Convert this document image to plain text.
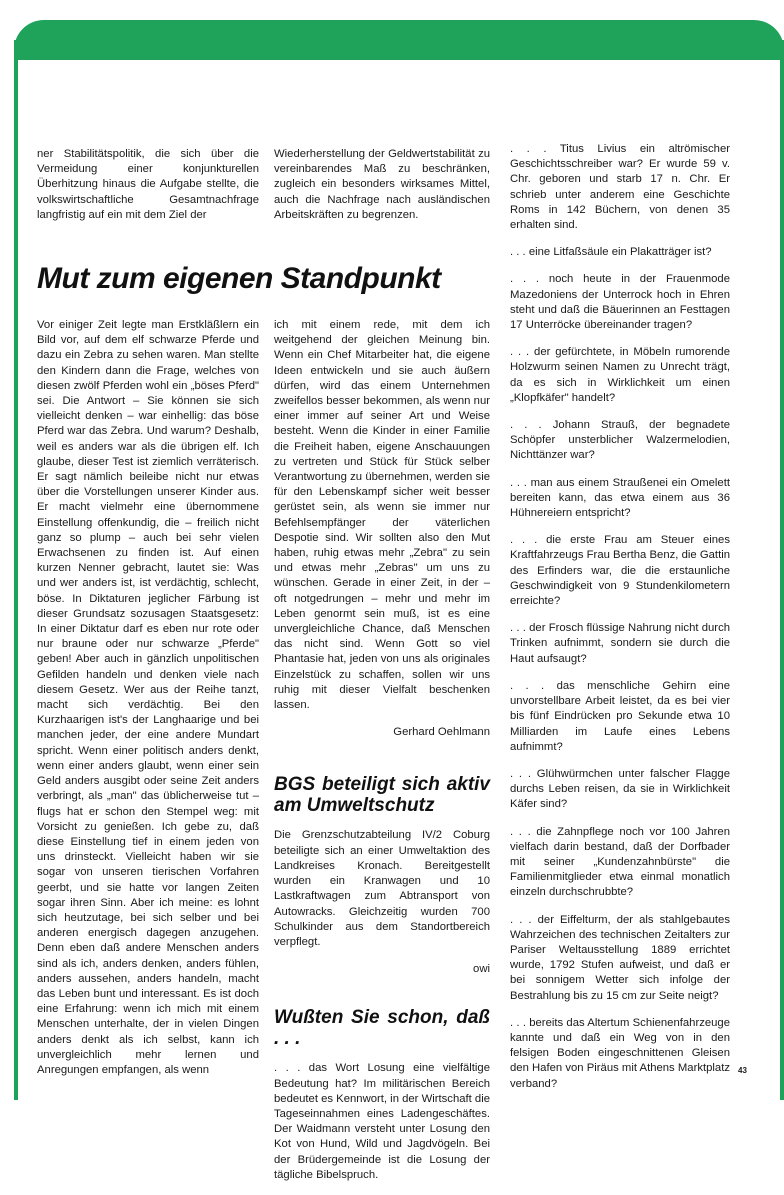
ner Stabilitätspolitik, die sich über die Vermeidung einer konjunkturellen Überhitzung hinaus die Aufgabe stellte, die volkswirtschaftliche Gesamtnachfrage langfristig auf ein mit dem Ziel der

Wiederherstellung der Geldwertstabilität zu vereinbarendes Maß zu beschränken, zugleich ein besonders wirksames Mittel, auch die Nachfrage nach ausländischen Arbeitskräften zu begrenzen.

Mut zum eigenen Standpunkt

Vor einiger Zeit legte man Erstkläßlern ein Bild vor, auf dem elf schwarze Pferde und dazu ein Zebra zu sehen waren. Man stellte den Kindern dann die Frage, welches von diesen zwölf Pferden wohl ein „böses Pferd" sei. Die Antwort – Sie können sie sich vielleicht denken – war einhellig: das böse Pferd war das Zebra. Und warum? Deshalb, weil es anders war als die übrigen elf. Ich glaube, dieser Test ist ziemlich verräterisch. Er sagt nämlich beileibe nicht nur etwas über die Vorstellungen unserer Kinder aus. Er macht vielmehr eine übernommene Einstellung offenkundig, die – freilich nicht ganz so plump – auch bei sehr vielen Erwachsenen zu finden ist. Auf einen kurzen Nenner gebracht, lautet sie: Was und wer anders ist, ist verdächtig, schlecht, böse. In Diktaturen jeglicher Färbung ist dieser Grundsatz sozusagen Staatsgesetz: In einer Diktatur darf es eben nur rote oder nur braune oder nur schwarze „Pferde" geben! Aber auch in gänzlich unpolitischen Gefilden handeln und denken viele nach diesem Gesetz. Wer aus der Reihe tanzt, macht sich verdächtig. Bei den Kurzhaarigen ist's der Langhaarige und bei manchen jeder, der eine andere Mundart spricht. Wenn einer politisch anders denkt, wenn einer anders glaubt, wenn einer sein Geld anders ausgibt oder seine Zeit anders verbringt, als „man" das üblicherweise tut – flugs hat er schon den Stempel weg: mit Vorsicht zu genießen. Ich gebe zu, daß diese Einstellung tief in einem jeden von uns drinsteckt. Vielleicht haben wir sie sogar von unseren tierischen Vorfahren geerbt, und sie hatte vor langen Zeiten sogar ihren Sinn. Aber ich meine: es lohnt sich heutzutage, bei sich selber und bei anderen energisch dagegen anzugehen. Denn eben daß andere Menschen anders sind als ich, anders denken, anders fühlen, anders aussehen, anders handeln, macht das Leben bunt und interessant. Es ist doch eine Erfahrung: wenn ich mich mit einem Menschen unterhalte, der in vielen Dingen anders denkt als ich selbst, kann ich unvergleichlich mehr lernen und Anregungen empfangen, als wenn

ich mit einem rede, mit dem ich weitgehend der gleichen Meinung bin. Wenn ein Chef Mitarbeiter hat, die eigene Ideen entwickeln und sie auch äußern dürfen, wird das einem Unternehmen zweifellos besser bekommen, als wenn nur einer immer auf seiner Art und Weise besteht. Wenn die Kinder in einer Familie die Freiheit haben, eigene Anschauungen zu vertreten und Stück für Stück selber Verantwortung zu übernehmen, werden sie für den Lebenskampf sicher weit besser gerüstet sein, als wenn sie immer nur Befehlsempfänger der väterlichen Despotie sind. Wir sollten also den Mut haben, ruhig etwas mehr „Zebra" zu sein und etwas mehr „Zebras" um uns zu wünschen. Gerade in einer Zeit, in der – oft notgedrungen – mehr und mehr im Leben genormt sein muß, ist es eine unvergleichliche Chance, daß Menschen das nicht sind. Wenn Gott so viel Phantasie hat, jeden von uns als originales Einzelstück zu schaffen, sollen wir uns ruhig mit dieser Vielfalt beschenken lassen.

Gerhard Oehlmann

BGS beteiligt sich aktiv am Umweltschutz

Die Grenzschutzabteilung IV/2 Coburg beteiligte sich an einer Umweltaktion des Landkreises Kronach. Bereitgestellt wurden ein Kranwagen und 10 Lastkraftwagen zum Abtransport von Autowracks. Gleichzeitig wurden 700 Schulkinder aus dem Standortbereich verpflegt.

owi

Wußten Sie schon, daß . . .

. . . das Wort Losung eine vielfältige Bedeutung hat? Im militärischen Bereich bedeutet es Kennwort, in der Wirtschaft die Tageseinnahmen eines Ladengeschäftes. Der Waidmann versteht unter Losung den Kot von Hund, Wild und Jagdvögeln. Bei der Brüdergemeinde ist die Losung der tägliche Bibelspruch.

. . . Titus Livius ein altrömischer Geschichtsschreiber war? Er wurde 59 v. Chr. geboren und starb 17 n. Chr. Er schrieb unter anderem eine Geschichte Roms in 142 Büchern, von denen 35 erhalten sind.

. . . eine Litfaßsäule ein Plakatträger ist?

. . . noch heute in der Frauenmode Mazedoniens der Unterrock hoch in Ehren steht und daß die Bäuerinnen an Festtagen 17 Unterröcke übereinander tragen?

. . . der gefürchtete, in Möbeln rumorende Holzwurm seinen Namen zu Unrecht trägt, da es sich in Wirklichkeit um einen „Klopfkäfer" handelt?

. . . Johann Strauß, der begnadete Schöpfer unsterblicher Walzermelodien, Nichttänzer war?

. . . man aus einem Straußenei ein Omelett bereiten kann, das etwa einem aus 36 Hühnereiern entspricht?

. . . die erste Frau am Steuer eines Kraftfahrzeugs Frau Bertha Benz, die Gattin des Erfinders war, die die erstaunliche Geschwindigkeit von 9 Stundenkilometern erreichte?

. . . der Frosch flüssige Nahrung nicht durch Trinken aufnimmt, sondern sie durch die Haut aufsaugt?

. . . das menschliche Gehirn eine unvorstellbare Arbeit leistet, da es bei vier bis fünf Eindrücken pro Sekunde etwa 10 Milliarden im Laufe eines Lebens aufnimmt?

. . . Glühwürmchen unter falscher Flagge durchs Leben reisen, da sie in Wirklichkeit Käfer sind?

. . . die Zahnpflege noch vor 100 Jahren vielfach darin bestand, daß der Dorfbader mit seiner „Kundenzahnbürste" die Familienmitglieder etwa einmal monatlich einzeln durchschrubbte?

. . . der Eiffelturm, der als stahlgebautes Wahrzeichen des technischen Zeitalters zur Pariser Weltausstellung 1889 errichtet wurde, 1792 Stufen aufweist, und daß er bei sonnigem Wetter sich infolge der Bestrahlung bis zu 15 cm zur Seite neigt?

. . . bereits das Altertum Schienenfahrzeuge kannte und daß ein Weg von in den felsigen Boden eingeschnittenen Gleisen den Hafen von Piräus mit Athens Marktplatz verband?

43
